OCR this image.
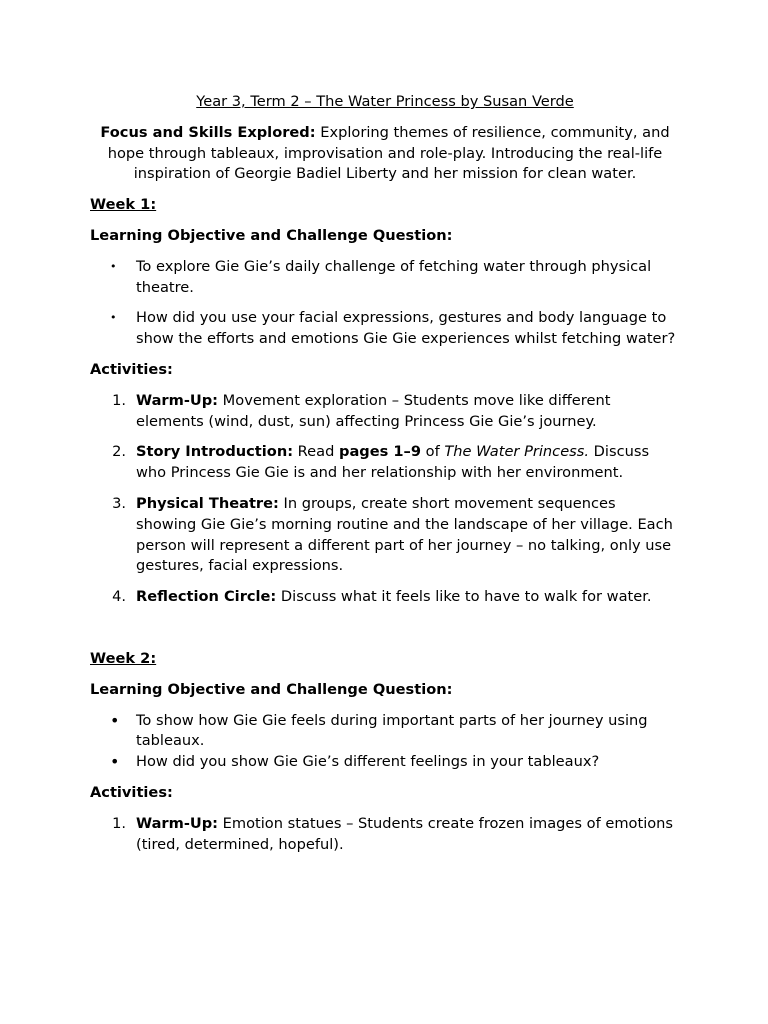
Year 3, Term 2 – The Water Princess by Susan Verde

Focus and Skills Explored: Exploring themes of resilience, community, and hope through tableaux, improvisation and role-play. Introducing the real-life inspiration of Georgie Badiel Liberty and her mission for clean water.

Week 1:

Learning Objective and Challenge Question:

• To explore Gie Gie’s daily challenge of fetching water through physical theatre.
• How did you use your facial expressions, gestures and body language to show the efforts and emotions Gie Gie experiences whilst fetching water?

Activities:

1. Warm-Up: Movement exploration – Students move like different elements (wind, dust, sun) affecting Princess Gie Gie’s journey.
2. Story Introduction: Read pages 1–9 of The Water Princess. Discuss who Princess Gie Gie is and her relationship with her environment.
3. Physical Theatre: In groups, create short movement sequences showing Gie Gie’s morning routine and the landscape of her village. Each person will represent a different part of her journey – no talking, only use gestures, facial expressions.
4. Reflection Circle: Discuss what it feels like to have to walk for water.

Week 2:

Learning Objective and Challenge Question:

• To show how Gie Gie feels during important parts of her journey using tableaux.
• How did you show Gie Gie’s different feelings in your tableaux?

Activities:

1. Warm-Up: Emotion statues – Students create frozen images of emotions (tired, determined, hopeful).
